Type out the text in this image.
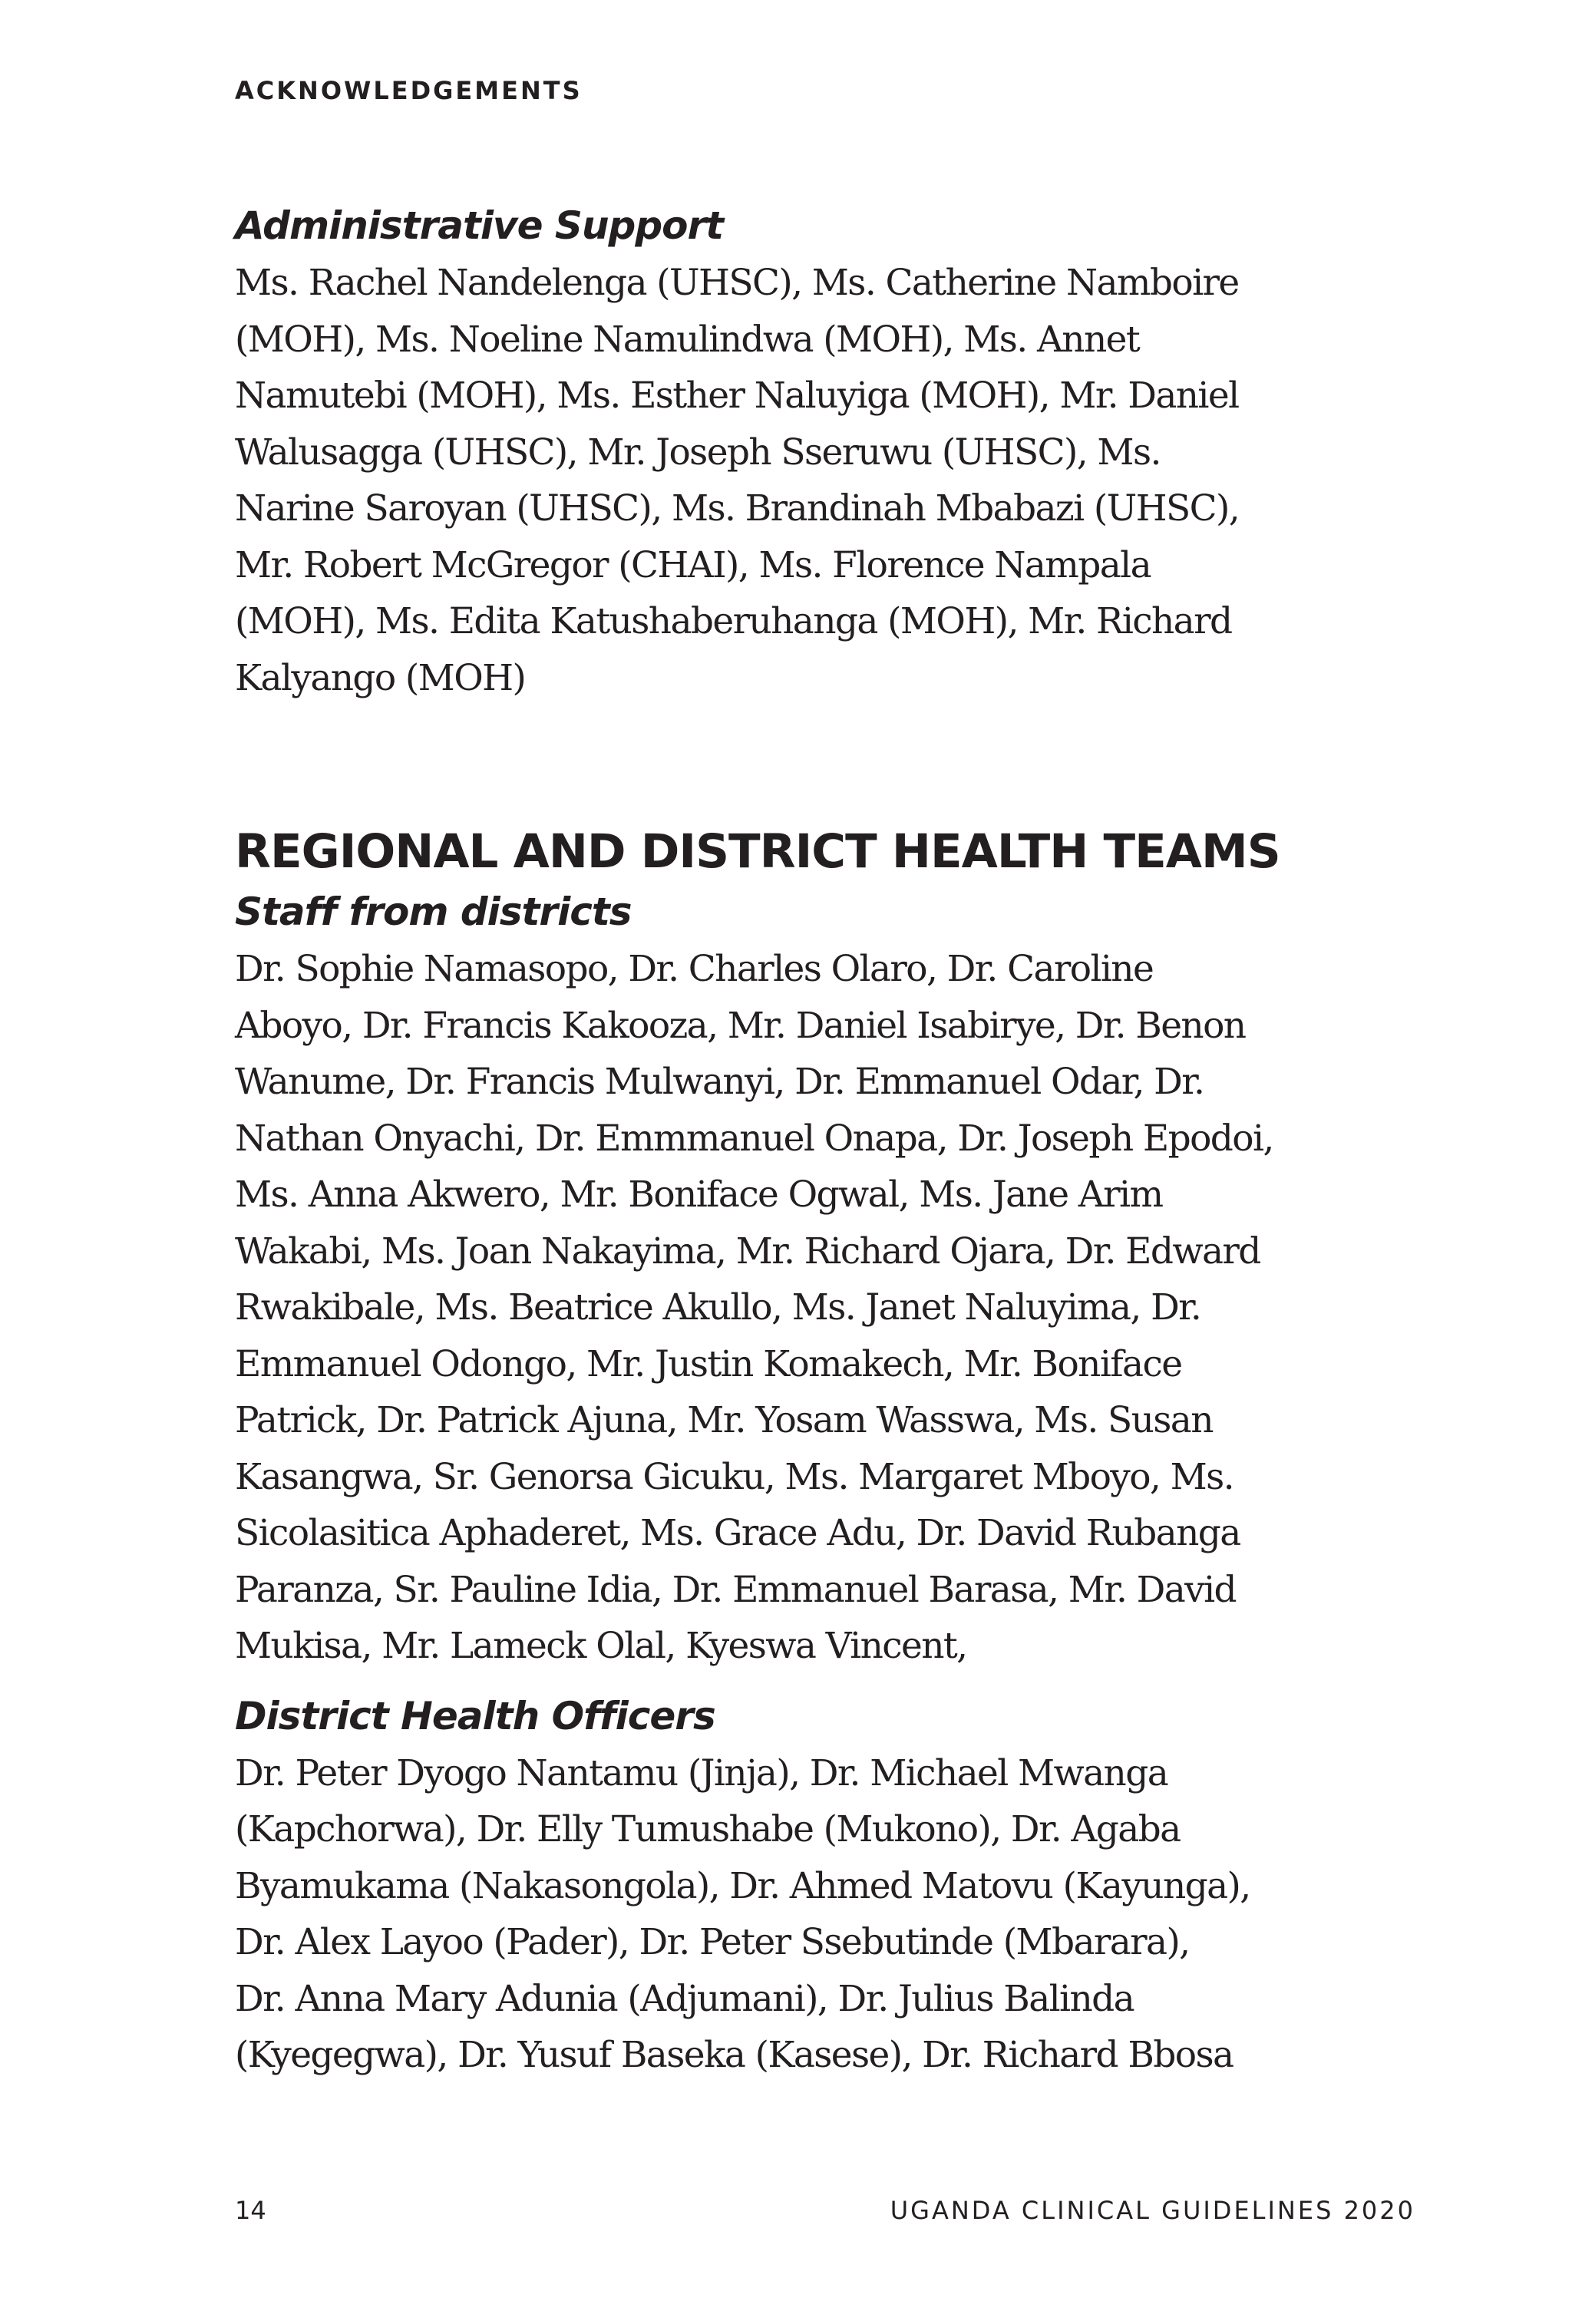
ACKNOWLEDGEMENTS

Administrative Support

Ms. Rachel Nandelenga (UHSC), Ms. Catherine Namboire
(MOH), Ms. Noeline Namulindwa (MOH), Ms. Annet
Namutebi (MOH), Ms. Esther Naluyiga (MOH), Mr. Daniel
Walusagga (UHSC), Mr. Joseph Sseruwu (UHSC), Ms.
Narine Saroyan (UHSC), Ms. Brandinah Mbabazi (UHSC),
Mr. Robert McGregor (CHAI), Ms. Florence Nampala
(MOH), Ms. Edita Katushaberuhanga (MOH), Mr. Richard
Kalyango (MOH)

REGIONAL AND DISTRICT HEALTH TEAMS
Staff from districts

Dr. Sophie Namasopo, Dr. Charles Olaro, Dr. Caroline
Aboyo, Dr. Francis Kakooza, Mr. Daniel Isabirye, Dr. Benon
Wanume, Dr. Francis Mulwanyi, Dr. Emmanuel Odar, Dr.
Nathan Onyachi, Dr. Emmmanuel Onapa, Dr. Joseph Epodoi,
Ms. Anna Akwero, Mr. Boniface Ogwal, Ms. Jane Arim
Wakabi, Ms. Joan Nakayima, Mr. Richard Ojara, Dr. Edward
Rwakibale, Ms. Beatrice Akullo, Ms. Janet Naluyima, Dr.
Emmanuel Odongo, Mr. Justin Komakech, Mr. Boniface
Patrick, Dr. Patrick Ajuna, Mr. Yosam Wasswa, Ms. Susan
Kasangwa, Sr. Genorsa Gicuku, Ms. Margaret Mboyo, Ms.
Sicolasitica Aphaderet, Ms. Grace Adu, Dr. David Rubanga
Paranza, Sr. Pauline Idia, Dr. Emmanuel Barasa, Mr. David
Mukisa, Mr. Lameck Olal, Kyeswa Vincent,

District Health Officers

Dr. Peter Dyogo Nantamu (Jinja), Dr. Michael Mwanga
(Kapchorwa), Dr. Elly Tumushabe (Mukono), Dr. Agaba
Byamukama (Nakasongola), Dr. Ahmed Matovu (Kayunga),
Dr. Alex Layoo (Pader), Dr. Peter Ssebutinde (Mbarara),
Dr. Anna Mary Adunia (Adjumani), Dr. Julius Balinda
(Kyegegwa), Dr. Yusuf Baseka (Kasese), Dr. Richard Bbosa

14	UGANDA CLINICAL GUIDELINES 2020
